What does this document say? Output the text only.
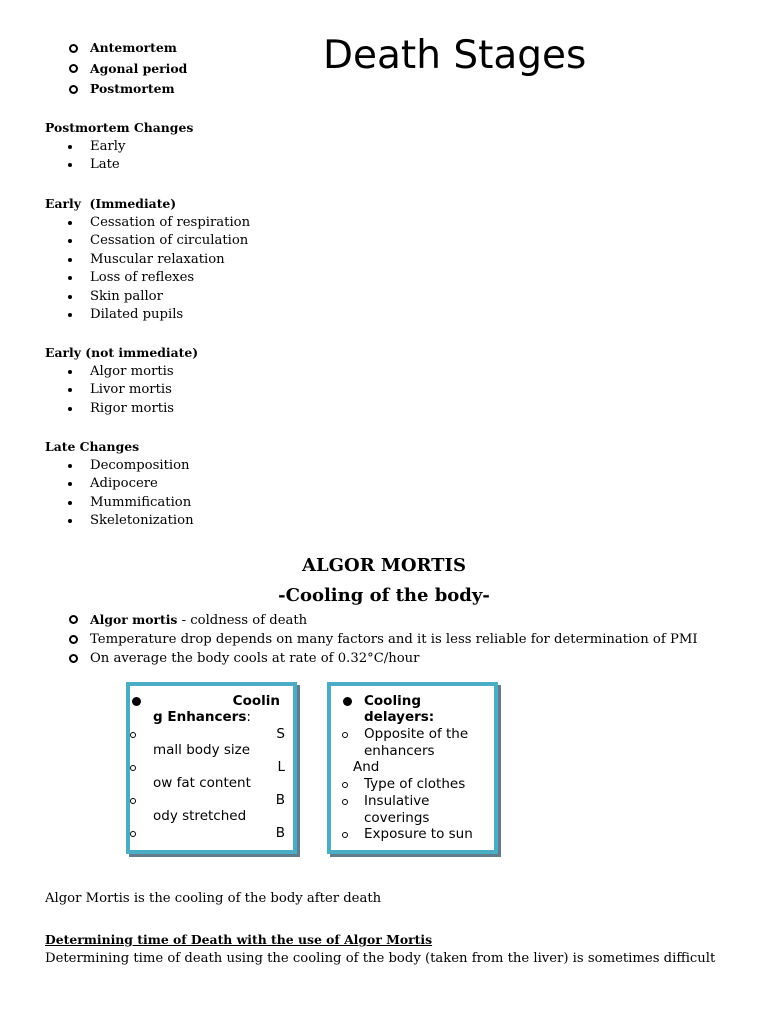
Death Stages
Antemortem
Agonal period
Postmortem
Postmortem Changes
Early
Late
Early  (Immediate)
Cessation of respiration
Cessation of circulation
Muscular relaxation
Loss of reflexes
Skin pallor
Dilated pupils
Early (not immediate)
Algor mortis
Livor mortis
Rigor mortis
Late Changes
Decomposition
Adipocere
Mummification
Skeletonization
ALGOR MORTIS
-Cooling of the body-
Algor mortis - coldness of death
Temperature drop depends on many factors and it is less reliable for determination of PMI
On average the body cools at rate of 0.32°C/hour
Coolin
g Enhancers:
S
mall body size
L
ow fat content
B
ody stretched
B
Cooling delayers:
Opposite of the enhancers
And
Type of clothes
Insulative coverings
Exposure to sun
Algor Mortis is the cooling of the body after death
Determining time of Death with the use of Algor Mortis
Determining time of death using the cooling of the body (taken from the liver) is sometimes difficult
